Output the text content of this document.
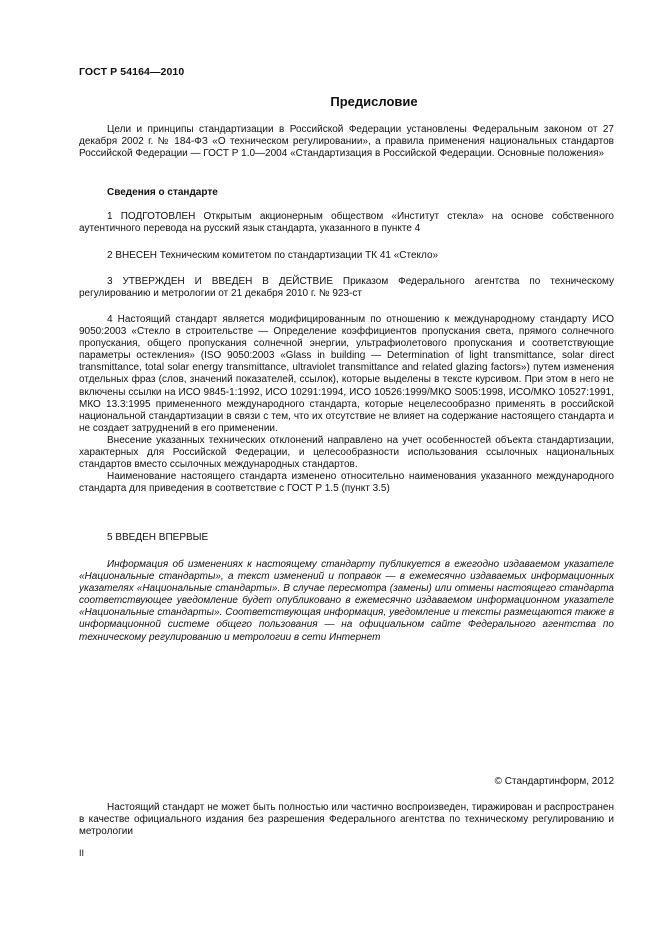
ГОСТ Р 54164—2010
Предисловие

Цели и принципы стандартизации в Российской Федерации установлены Федеральным законом от 27 декабря 2002 г. № 184-ФЗ «О техническом регулировании», а правила применения национальных стандартов Российской Федерации — ГОСТ Р 1.0—2004 «Стандартизация в Российской Федерации. Основные положения»

Сведения о стандарте

1 ПОДГОТОВЛЕН Открытым акционерным обществом «Институт стекла» на основе собственного аутентичного перевода на русский язык стандарта, указанного в пункте 4

2 ВНЕСЕН Техническим комитетом по стандартизации ТК 41 «Стекло»

3 УТВЕРЖДЕН И ВВЕДЕН В ДЕЙСТВИЕ Приказом Федерального агентства по техническому регулированию и метрологии от 21 декабря 2010 г. № 923-ст

4 Настоящий стандарт является модифицированным по отношению к международному стандарту ИСО 9050:2003 «Стекло в строительстве — Определение коэффициентов пропускания света, прямого солнечного пропускания, общего пропускания солнечной энергии, ультрафиолетового пропускания и соответствующие параметры остекления» (ISO 9050:2003 «Glass in building — Determination of light transmittance, solar direct transmittance, total solar energy transmittance, ultraviolet transmittance and related glazing factors») путем изменения отдельных фраз (слов, значений показателей, ссылок), которые выделены в тексте курсивом. При этом в него не включены ссылки на ИСО 9845-1:1992, ИСО 10291:1994, ИСО 10526:1999/МКО S005:1998, ИСО/МКО 10527:1991, МКО 13.3:1995 примененного международного стандарта, которые нецелесообразно применять в российской национальной стандартизации в связи с тем, что их отсутствие не влияет на содержание настоящего стандарта и не создает затруднений в его применении.

Внесение указанных технических отклонений направлено на учет особенностей объекта стандартизации, характерных для Российской Федерации, и целесообразности использования ссылочных национальных стандартов вместо ссылочных международных стандартов.

Наименование настоящего стандарта изменено относительно наименования указанного международного стандарта для приведения в соответствие с ГОСТ Р 1.5 (пункт 3.5)

5 ВВЕДЕН ВПЕРВЫЕ

Информация об изменениях к настоящему стандарту публикуется в ежегодно издаваемом указателе «Национальные стандарты», а текст изменений и поправок — в ежемесячно издаваемых информационных указателях «Национальные стандарты». В случае пересмотра (замены) или отмены настоящего стандарта соответствующее уведомление будет опубликовано в ежемесячно издаваемом информационном указателе «Национальные стандарты». Соответствующая информация, уведомление и тексты размещаются также в информационной системе общего пользования — на официальном сайте Федерального агентства по техническому регулированию и метрологии в сети Интернет

© Стандартинформ, 2012

Настоящий стандарт не может быть полностью или частично воспроизведен, тиражирован и распространен в качестве официального издания без разрешения Федерального агентства по техническому регулированию и метрологии

II
